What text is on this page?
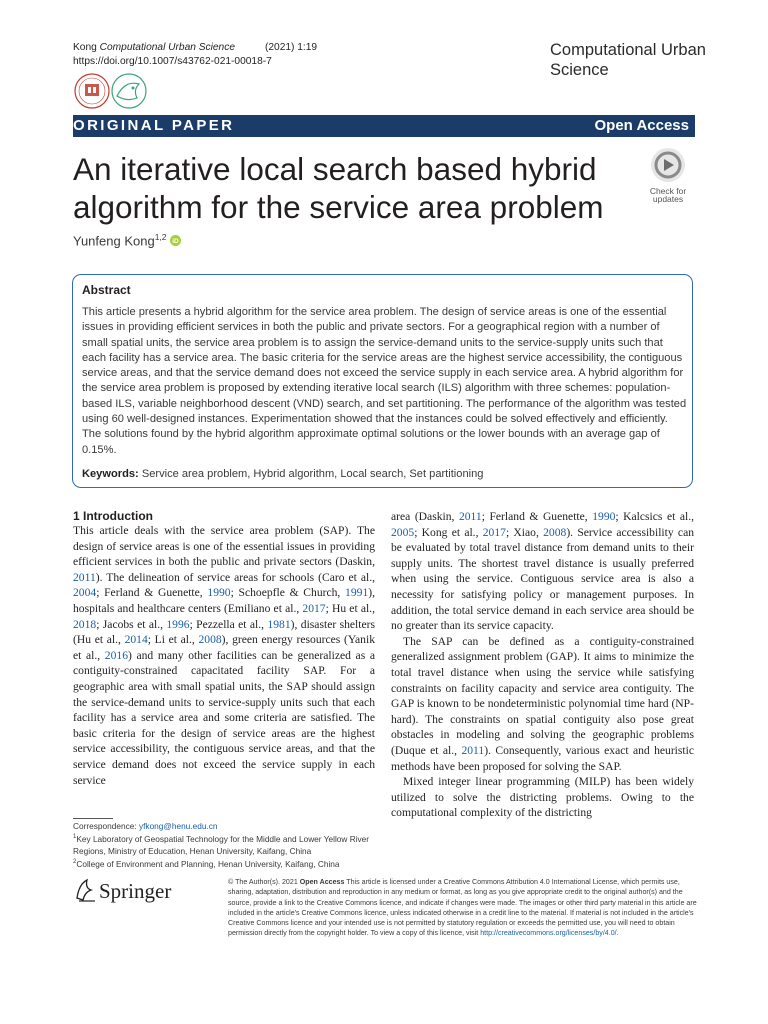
Kong Computational Urban Science	(2021) 1:19
https://doi.org/10.1007/s43762-021-00018-7
Computational Urban
Science
ORIGINAL PAPER	Open Access
An iterative local search based hybrid
algorithm for the service area problem	Check for
updates
Yunfeng Kong$^{1,2}$ iD
Abstract
This article presents a hybrid algorithm for the service area problem. The design of service areas is one of the essential issues in providing efficient services in both the public and private sectors. For a geographical region with a number of small spatial units, the service area problem is to assign the service-demand units to the service-supply units such that each facility has a service area. The basic criteria for the service areas are the highest service accessibility, the contiguous service areas, and that the service demand does not exceed the service supply in each service area. A hybrid algorithm for the service area problem is proposed by extending iterative local search (ILS) algorithm with three schemes: population-based ILS, variable neighborhood descent (VND) search, and set partitioning. The performance of the algorithm was tested using 60 well-designed instances. Experimentation showed that the instances could be solved effectively and efficiently. The solutions found by the hybrid algorithm approximate optimal solutions or the lower bounds with an average gap of 0.15%.
Keywords: Service area problem, Hybrid algorithm, Local search, Set partitioning
1 Introduction

This article deals with the service area problem (SAP). The design of service areas is one of the essential issues in providing efficient services in both the public and private sectors (Daskin, 2011). The delineation of service areas for schools (Caro et al., 2004; Ferland & Guenette, 1990; Schoepfle & Church, 1991), hospitals and healthcare centers (Emiliano et al., 2017; Hu et al., 2018; Jacobs et al., 1996; Pezzella et al., 1981), disaster shelters (Hu et al., 2014; Li et al., 2008), green energy resources (Yanik et al., 2016) and many other facilities can be generalized as a contiguity-constrained capacitated facility SAP. For a geographic area with small spatial units, the SAP should assign the service-demand units to service-supply units such that each facility has a service area and some criteria are satisfied. The basic criteria for the design of service areas are the highest service accessibility, the contiguous service areas, and that the service demand does not exceed the service supply in each service

area (Daskin, 2011; Ferland & Guenette, 1990; Kalcsics et al., 2005; Kong et al., 2017; Xiao, 2008). Service accessibility can be evaluated by total travel distance from demand units to their supply units. The shortest travel distance is usually preferred when using the service. Contiguous service area is also a necessity for satisfying policy or management purposes. In addition, the total service demand in each service area should be no greater than its service capacity.

The SAP can be defined as a contiguity-constrained generalized assignment problem (GAP). It aims to minimize the total travel distance when using the service while satisfying constraints on facility capacity and service area contiguity. The GAP is known to be nondeterministic polynomial time hard (NP-hard). The constraints on spatial contiguity also pose great obstacles in modeling and solving the geographic problems (Duque et al., 2011). Consequently, various exact and heuristic methods have been proposed for solving the SAP.

Mixed integer linear programming (MILP) has been widely utilized to solve the districting problems. Owing to the computational complexity of the districting

Correspondence: yfkong@henu.edu.cn
$^1$Key Laboratory of Geospatial Technology for the Middle and Lower Yellow River Regions, Ministry of Education, Henan University, Kaifang, China
$^2$College of Environment and Planning, Henan University, Kaifang, China
Springer	© The Author(s). 2021 Open Access This article is licensed under a Creative Commons Attribution 4.0 International License, which permits use, sharing, adaptation, distribution and reproduction in any medium or format, as long as you give appropriate credit to the original author(s) and the source, provide a link to the Creative Commons licence, and indicate if changes were made. The images or other third party material in this article are included in the article's Creative Commons licence, unless indicated otherwise in a credit line to the material. If material is not included in the article's Creative Commons licence and your intended use is not permitted by statutory regulation or exceeds the permitted use, you will need to obtain permission directly from the copyright holder. To view a copy of this licence, visit http://creativecommons.org/licenses/by/4.0/.
